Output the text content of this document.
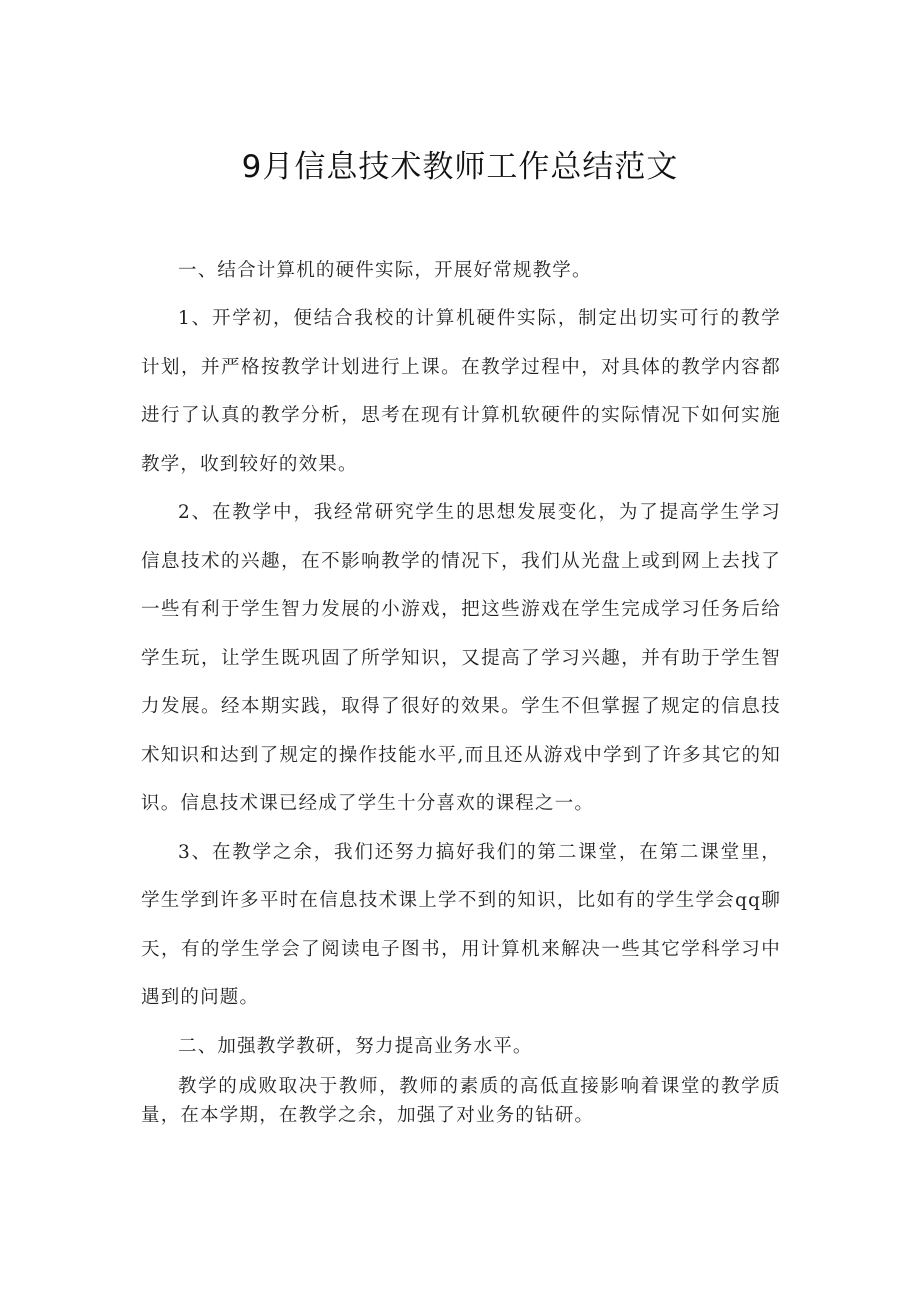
9月信息技术教师工作总结范文

一、结合计算机的硬件实际，开展好常规教学。

1、开学初，便结合我校的计算机硬件实际，制定出切实可行的教学计划，并严格按教学计划进行上课。在教学过程中，对具体的教学内容都进行了认真的教学分析，思考在现有计算机软硬件的实际情况下如何实施教学，收到较好的效果。

2、在教学中，我经常研究学生的思想发展变化，为了提高学生学习信息技术的兴趣，在不影响教学的情况下，我们从光盘上或到网上去找了一些有利于学生智力发展的小游戏，把这些游戏在学生完成学习任务后给学生玩，让学生既巩固了所学知识，又提高了学习兴趣，并有助于学生智力发展。经本期实践，取得了很好的效果。学生不但掌握了规定的信息技术知识和达到了规定的操作技能水平,而且还从游戏中学到了许多其它的知识。信息技术课已经成了学生十分喜欢的课程之一。

3、在教学之余，我们还努力搞好我们的第二课堂，在第二课堂里，学生学到许多平时在信息技术课上学不到的知识，比如有的学生学会qq聊天，有的学生学会了阅读电子图书，用计算机来解决一些其它学科学习中遇到的问题。

二、加强教学教研，努力提高业务水平。

教学的成败取决于教师，教师的素质的高低直接影响着课堂的教学质量，在本学期，在教学之余，加强了对业务的钻研。
